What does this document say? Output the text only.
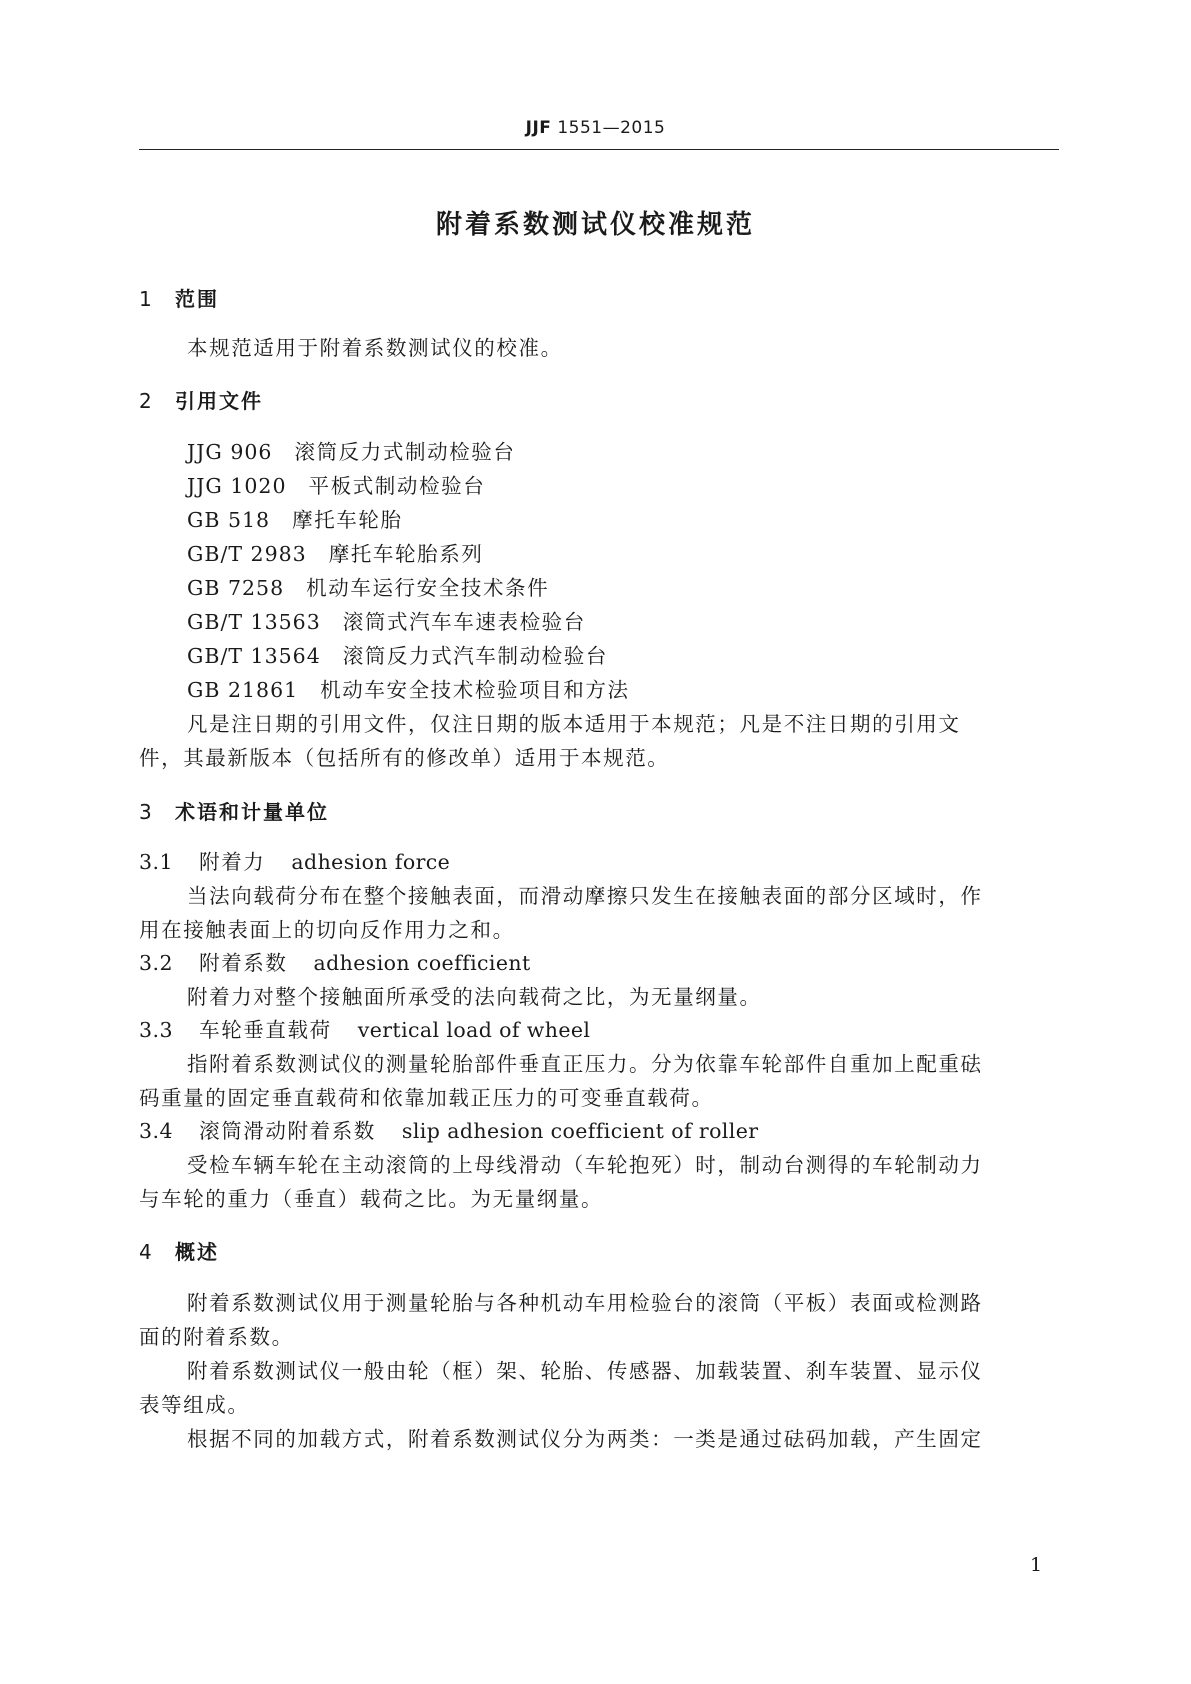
JJF 1551—2015
附着系数测试仪校准规范
1 范围
本规范适用于附着系数测试仪的校准。
2 引用文件
JJG 906 滚筒反力式制动检验台
JJG 1020 平板式制动检验台
GB 518 摩托车轮胎
GB/T 2983 摩托车轮胎系列
GB 7258 机动车运行安全技术条件
GB/T 13563 滚筒式汽车车速表检验台
GB/T 13564 滚筒反力式汽车制动检验台
GB 21861 机动车安全技术检验项目和方法
凡是注日期的引用文件，仅注日期的版本适用于本规范；凡是不注日期的引用文
件，其最新版本（包括所有的修改单）适用于本规范。
3 术语和计量单位
3.1 附着力 adhesion force
当法向载荷分布在整个接触表面，而滑动摩擦只发生在接触表面的部分区域时，作
用在接触表面上的切向反作用力之和。
3.2 附着系数 adhesion coefficient
附着力对整个接触面所承受的法向载荷之比，为无量纲量。
3.3 车轮垂直载荷 vertical load of wheel
指附着系数测试仪的测量轮胎部件垂直正压力。分为依靠车轮部件自重加上配重砝
码重量的固定垂直载荷和依靠加载正压力的可变垂直载荷。
3.4 滚筒滑动附着系数 slip adhesion coefficient of roller
受检车辆车轮在主动滚筒的上母线滑动（车轮抱死）时，制动台测得的车轮制动力
与车轮的重力（垂直）载荷之比。为无量纲量。
4 概述
附着系数测试仪用于测量轮胎与各种机动车用检验台的滚筒（平板）表面或检测路
面的附着系数。
附着系数测试仪一般由轮（框）架、轮胎、传感器、加载装置、刹车装置、显示仪
表等组成。
根据不同的加载方式，附着系数测试仪分为两类：一类是通过砝码加载，产生固定
1
